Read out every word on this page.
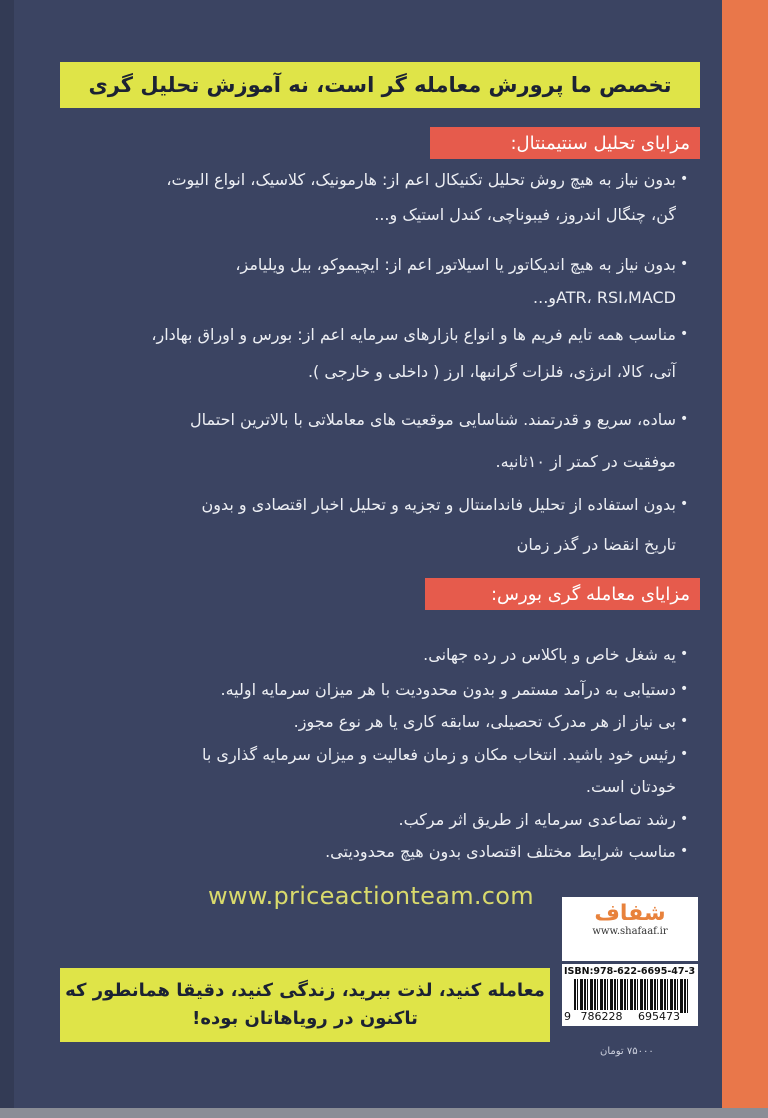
تخصص ما پرورش معامله گر است، نه آموزش تحلیل گری
مزایای تحلیل سنتیمنتال:
•
بدون نیاز به هیچ روش تحلیل تکنیکال اعم از: هارمونیک، کلاسیک، انواع الیوت،
گن، چنگال اندروز، فیبوناچی، کندل استیک و...
•
بدون نیاز به هیچ اندیکاتور یا اسیلاتور اعم از: ایچیموکو، بیل ویلیامز،
ATR، RSI،MACDو...
•
مناسب همه تایم فریم ها و انواع بازارهای سرمایه اعم از: بورس و اوراق بهادار،
آتی، کالا، انرژی، فلزات گرانبها، ارز ( داخلی و خارجی ).
•
ساده، سریع و قدرتمند. شناسایی موقعیت های معاملاتی با بالاترین احتمال
موفقیت در کمتر از ۱۰ثانیه.
•
بدون استفاده از تحلیل فاندامنتال و تجزیه و تحلیل اخبار اقتصادی و بدون
تاریخ انقضا در گذر زمان
مزایای معامله گری بورس:
•
یه شغل خاص و باکلاس در رده جهانی.
•
دستیابی به درآمد مستمر و بدون محدودیت با هر میزان سرمایه اولیه.
•
بی نیاز از هر مدرک تحصیلی، سابقه کاری یا هر نوع مجوز.
•
رئیس خود باشید. انتخاب مکان و زمان فعالیت و میزان سرمایه گذاری با
خودتان است.
•
رشد تصاعدی سرمایه از طریق اثر مرکب.
•
مناسب شرایط مختلف اقتصادی بدون هیچ محدودیتی.
www.priceactionteam.com
معامله کنید، لذت ببرید، زندگی کنید، دقیقا همانطور که
تاکنون در رویاهاتان بوده!
شفاف
www.shafaaf.ir
ISBN:978-622-6695-47-3
9 786228 695473
۷۵۰۰۰ تومان
